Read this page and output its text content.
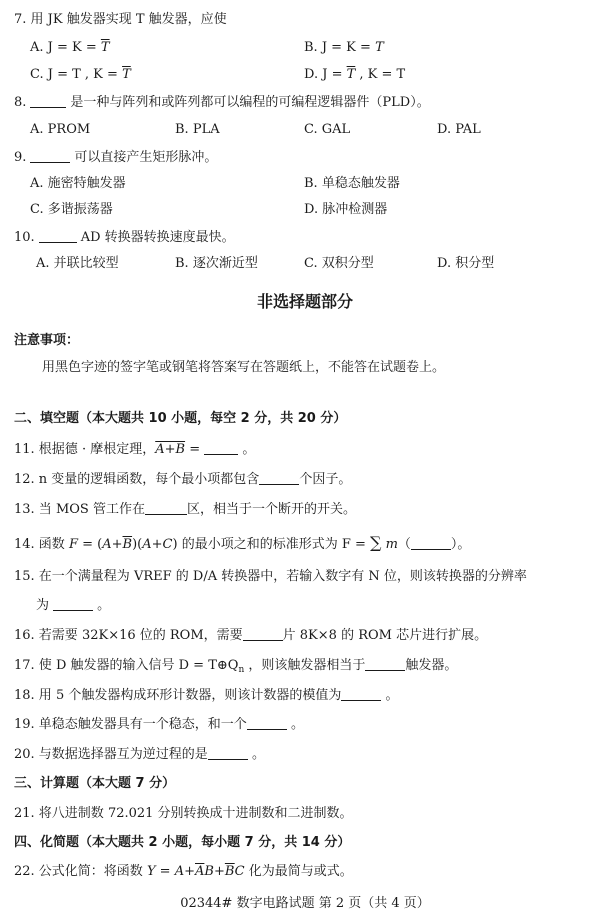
7. 用 JK 触发器实现 T 触发器，应使
A. $J = K = \overline{T}$	B. J = K = T
C. J = T , $K = \overline{T}$	D. $J = \overline{T}$ , K = T
8.	是一种与阵列和或阵列都可以编程的可编程逻辑器件（PLD）。
A. PROM	B. PLA	C. GAL	D. PAL
9.	可以直接产生矩形脉冲。
A. 施密特触发器	B. 单稳态触发器
C. 多谐振荡器	D. 脉冲检测器
10.	AD 转换器转换速度最快。
A. 并联比较型	B. 逐次渐近型	C. 双积分型	D. 积分型
非选择题部分
注意事项：
用黑色字迹的签字笔或钢笔将答案写在答题纸上，不能答在试题卷上。
二、填空题（本大题共 10 小题，每空 2 分，共 20 分）
11. 根据德 · 摩根定理，A+B =	。
12. n 变量的逻辑函数，每个最小项都包含	个因子。
13. 当 MOS 管工作在	区，相当于一个断开的开关。
14. 函数 $F = (A+\overline{B})(A+C)$ 的最小项之和的标准形式为 F = ∑ m（	）。
15. 在一个满量程为 VREF 的 D/A 转换器中，若输入数字有 N 位，则该转换器的分辨率
为	。
16. 若需要 32K×16 位的 ROM，需要	片 8K×8 的 ROM 芯片进行扩展。
17. 使 D 触发器的输入信号 $D = T\oplus Q_n$ ，则该触发器相当于	触发器。
18. 用 5 个触发器构成环形计数器，则该计数器的模值为	。
19. 单稳态触发器具有一个稳态，和一个	。
20. 与数据选择器互为逆过程的是	。
三、计算题（本大题 7 分）
21. 将八进制数 72.021 分别转换成十进制数和二进制数。
四、化简题（本大题共 2 小题，每小题 7 分，共 14 分）
22. 公式化简：将函数 $Y = A+\overline{A}B+\overline{B}C$ 化为最简与或式。
02344# 数字电路试题 第 2 页（共 4 页）
